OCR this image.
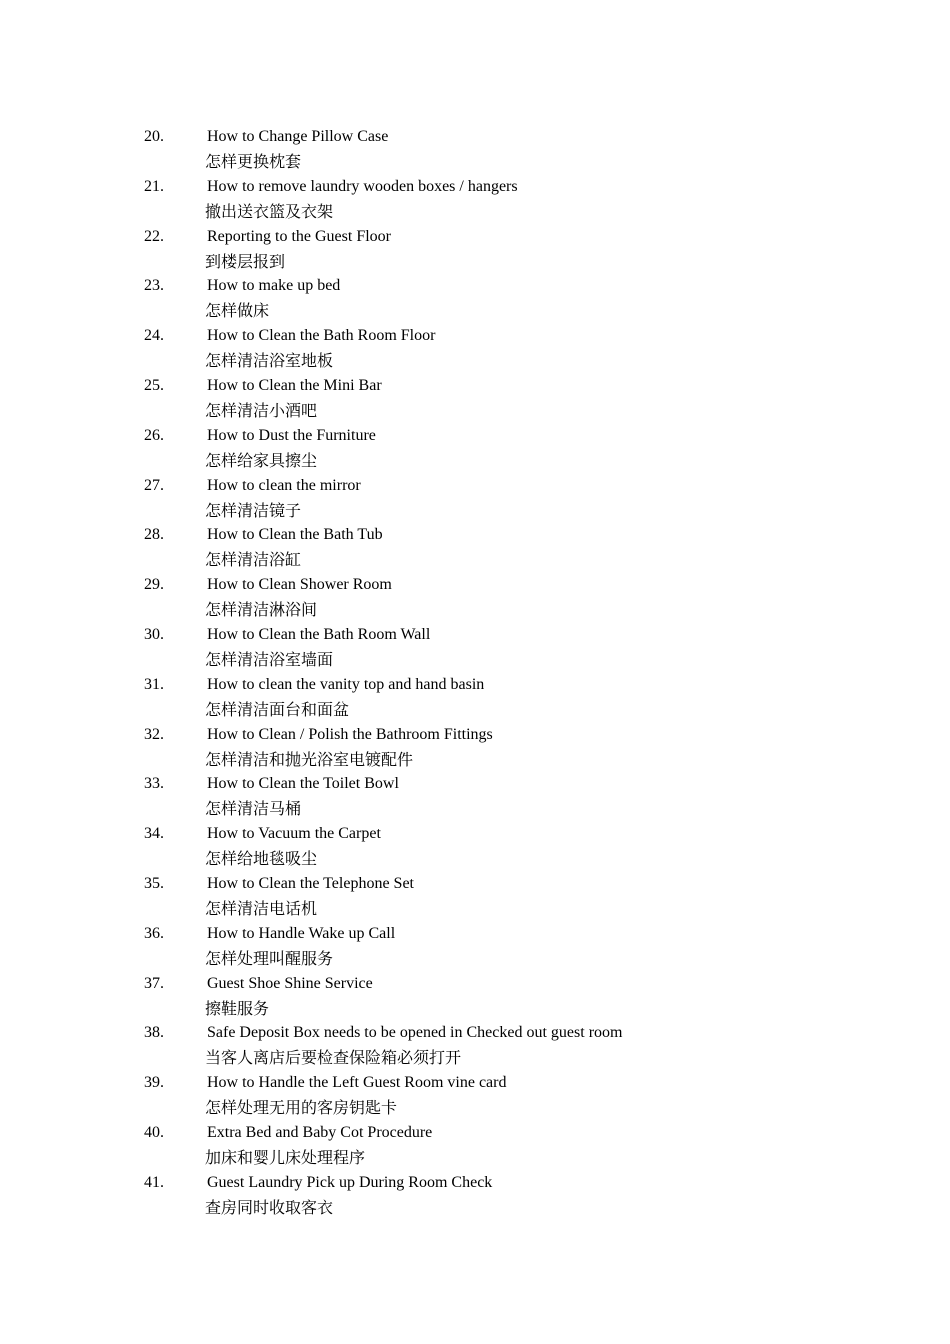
20.	How to Change Pillow Case
怎样更换枕套
21.	How to remove laundry wooden boxes / hangers
撤出送衣篮及衣架
22.	Reporting to the Guest Floor
到楼层报到
23.	How to make up bed
怎样做床
24.	How to Clean the Bath Room Floor
怎样清洁浴室地板
25.	How to Clean the Mini Bar
怎样清洁小酒吧
26.	How to Dust the Furniture
怎样给家具擦尘
27.	How to clean the mirror
怎样清洁镜子
28.	How to Clean the Bath Tub
怎样清洁浴缸
29.	How to Clean Shower Room
怎样清洁淋浴间
30.	How to Clean the Bath Room Wall
怎样清洁浴室墙面
31.	How to clean the vanity top and hand basin
怎样清洁面台和面盆
32.	How to Clean / Polish the Bathroom Fittings
怎样清洁和抛光浴室电镀配件
33.	How to Clean the Toilet Bowl
怎样清洁马桶
34.	How to Vacuum the Carpet
怎样给地毯吸尘
35.	How to Clean the Telephone Set
怎样清洁电话机
36.	How to Handle Wake up Call
怎样处理叫醒服务
37.	Guest Shoe Shine Service
擦鞋服务
38.	Safe Deposit Box needs to be opened in Checked out guest room
当客人离店后要检查保险箱必须打开
39.	How to Handle the Left Guest Room vine card
怎样处理无用的客房钥匙卡
40.	Extra Bed and Baby Cot Procedure
加床和婴儿床处理程序
41.	Guest Laundry Pick up During Room Check
查房同时收取客衣
